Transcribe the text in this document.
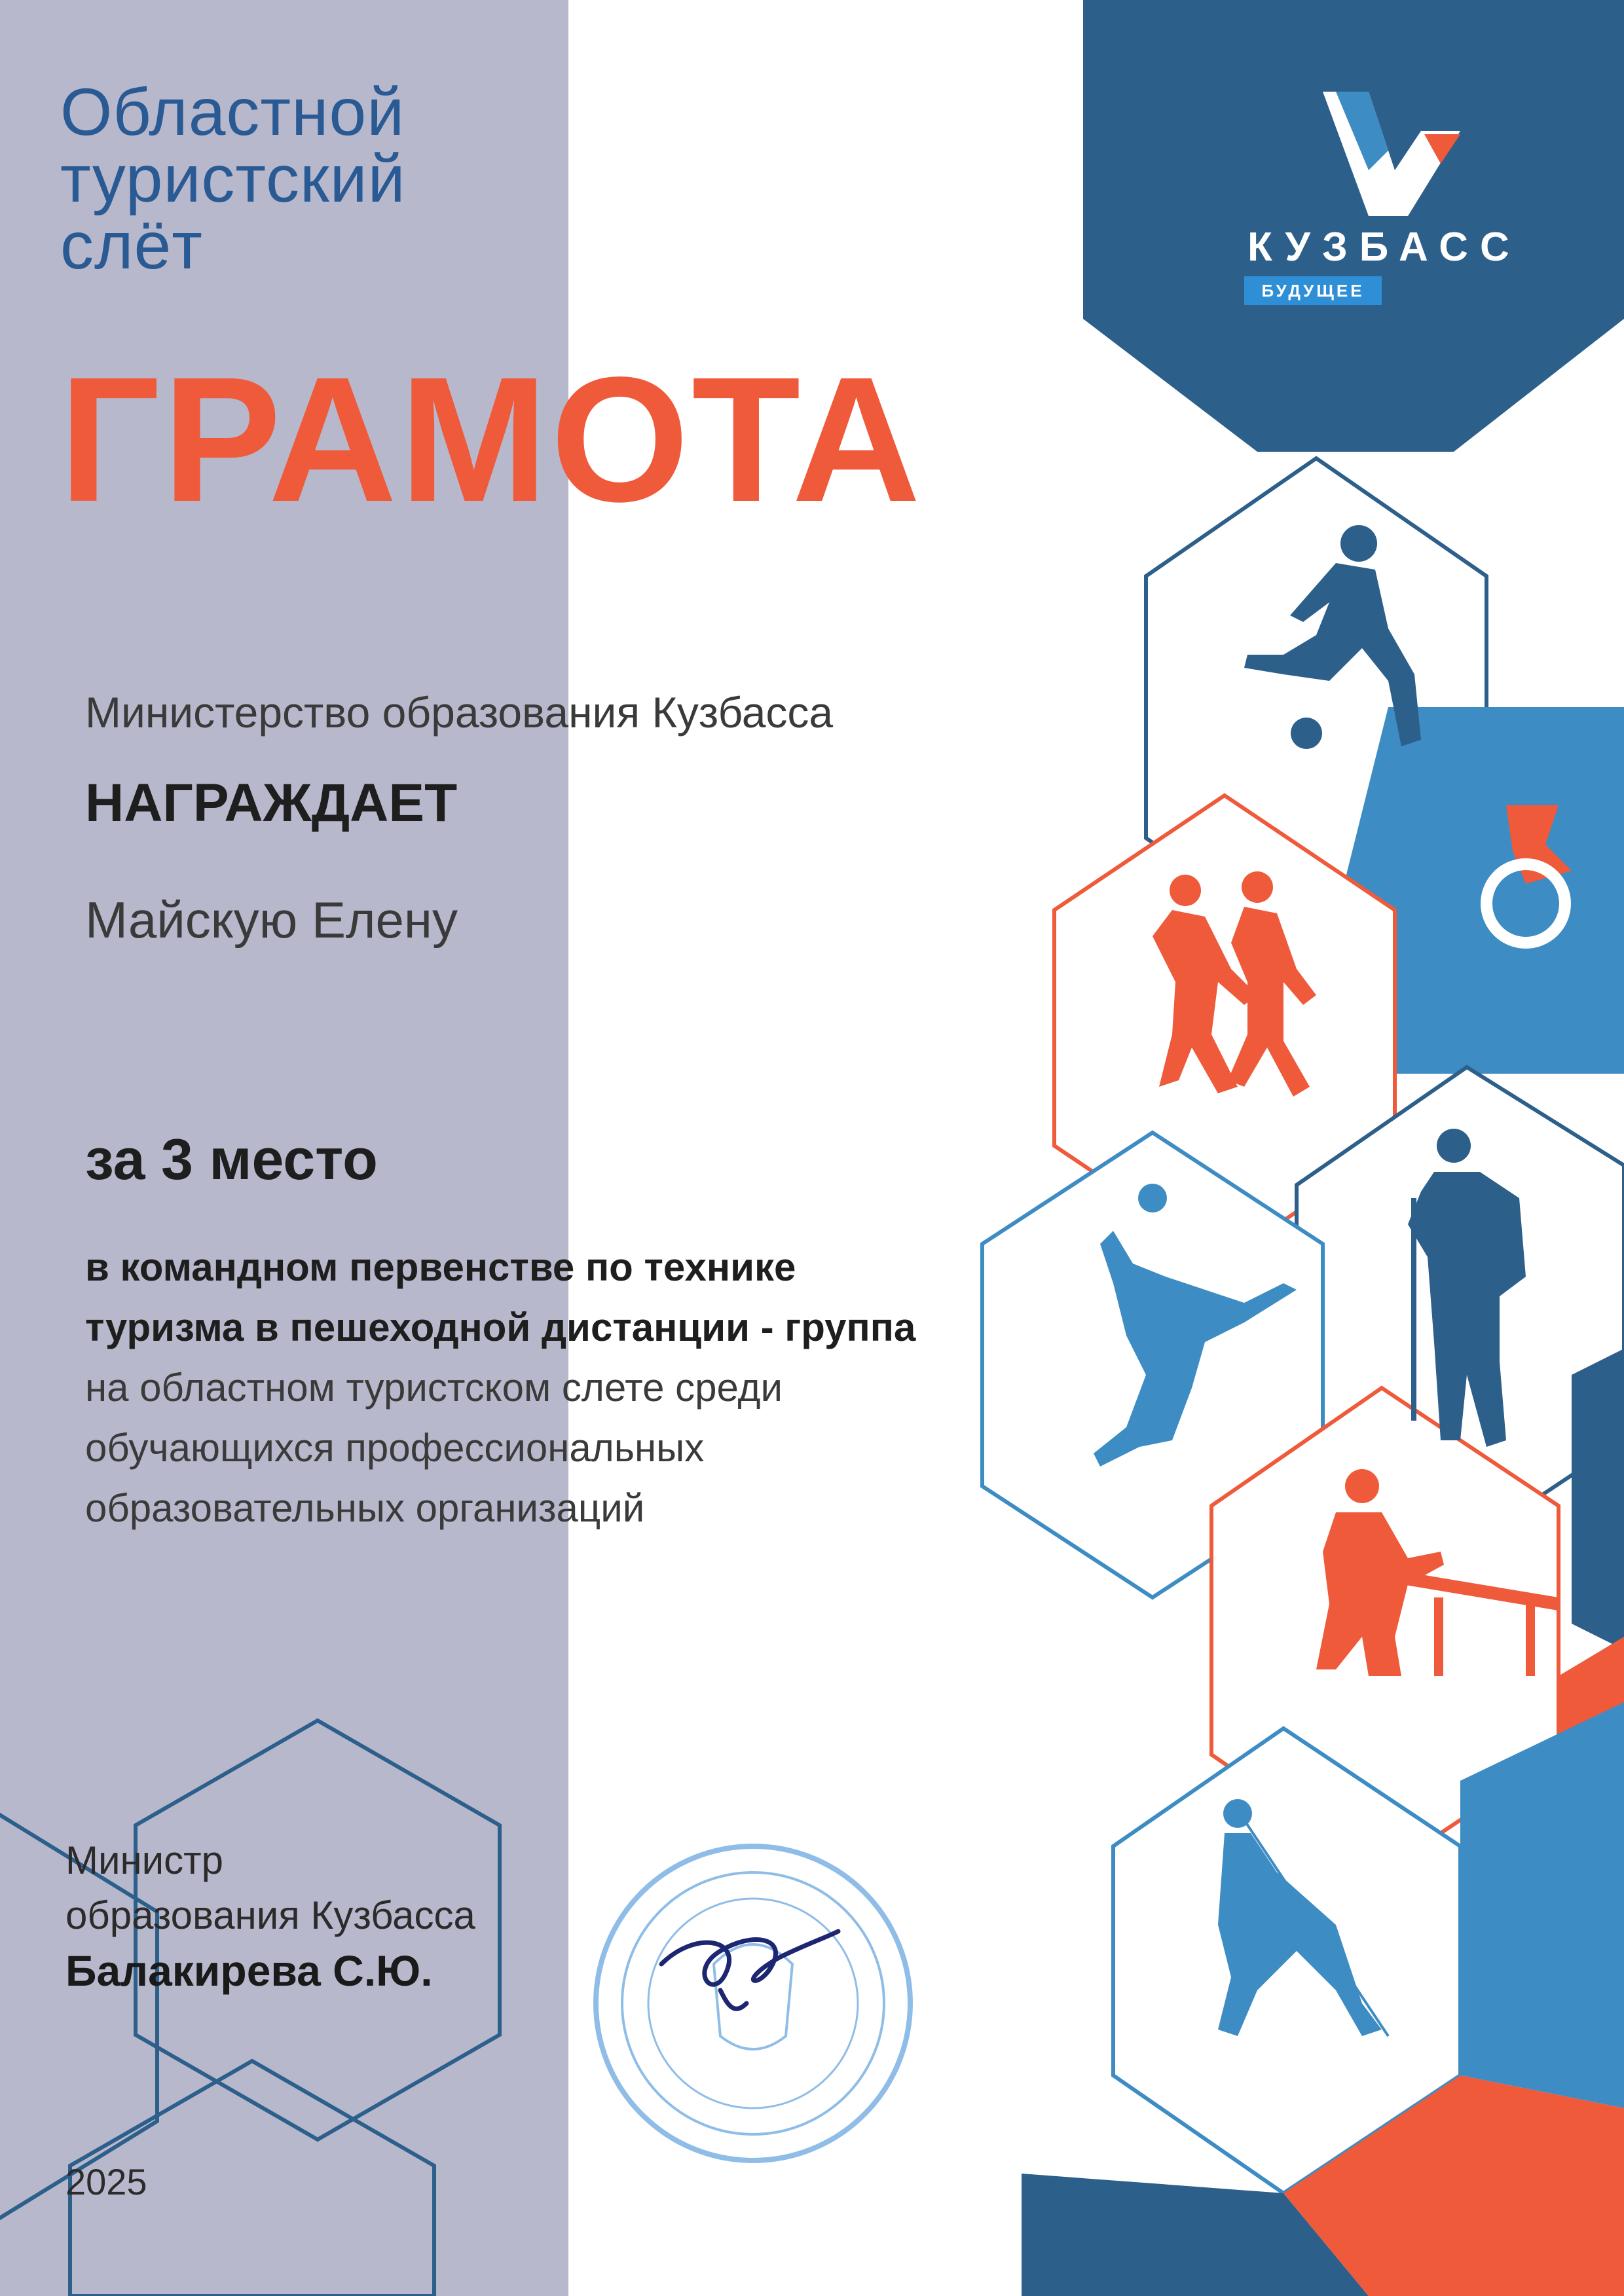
Областной
туристский
слёт
ГРАМОТА
КУЗБАСС
БУДУЩЕЕ
Министерство образования Кузбасса
НАГРАЖДАЕТ
Майскую Елену
за 3 место
в командном первенстве по технике
туризма в пешеходной дистанции - группа
на областном туристском слете среди
обучающихся профессиональных
образовательных организаций
Министр
образования Кузбасса
Балакирева С.Ю.
2025
